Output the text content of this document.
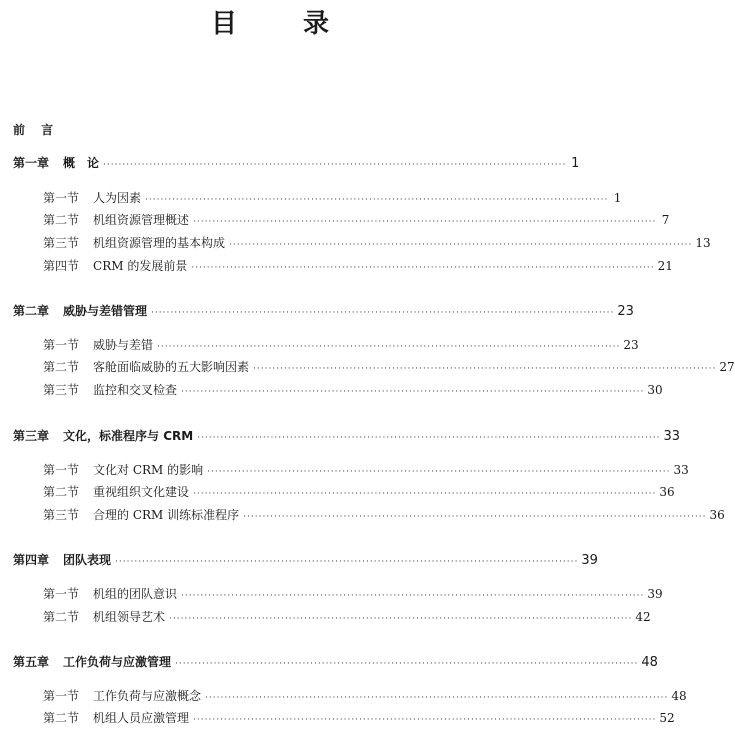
目　录
前 言
第一章 概　论 ························································································································ 1
第一节 人为因素 ························································································································ 1
第二节 机组资源管理概述 ························································································································ 7
第三节 机组资源管理的基本构成 ························································································································ 13
第四节 CRM 的发展前景 ························································································································ 21
第二章 威胁与差错管理 ························································································································ 23
第一节 威胁与差错 ························································································································ 23
第二节 客舱面临威胁的五大影响因素 ························································································································ 27
第三节 监控和交叉检查 ························································································································ 30
第三章 文化，标准程序与 CRM ························································································································ 33
第一节 文化对 CRM 的影响 ························································································································ 33
第二节 重视组织文化建设 ························································································································ 36
第三节 合理的 CRM 训练标准程序 ························································································································ 36
第四章 团队表现 ························································································································ 39
第一节 机组的团队意识 ························································································································ 39
第二节 机组领导艺术 ························································································································ 42
第五章 工作负荷与应激管理 ························································································································ 48
第一节 工作负荷与应激概念 ························································································································ 48
第二节 机组人员应激管理 ························································································································ 52
